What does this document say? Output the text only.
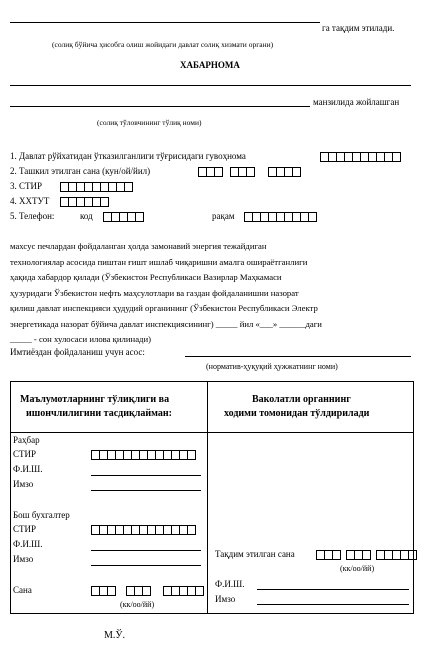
га тақдим этилади.
(солиқ бўйича ҳисобга олиш жойидаги давлат солиқ хизмати органи)
ХАБАРНОМА
манзилида жойлашган
(солиқ тўловчининг тўлиқ номи)
1. Давлат рўйхатидан ўтказилганлиги тўғрисидаги гувоҳнома
2. Ташкил этилган сана (кун/ой/йил)
3. СТИР
4. ХХТУТ
5. Телефон:	код	рақам
махсус печлардан фойдаланган ҳолда замонавий энергия тежайдиган
технологиялар асосида пиштан ғишт ишлаб чиқаришни амалга ошираётганлиги
ҳақида хабардор қилади (Ўзбекистон Республикаси Вазирлар Маҳкамаси
ҳузуридаги Ўзбекистон нефть маҳсулотлари ва газдан фойдаланишни назорат
қилиш давлат инспекцияси ҳудудий органининг (Ўзбекистон Республикаси Электр
энергетикада назорат бўйича давлат инспекциясининг) _____ йил «___» ______даги
_____ - сон хулосаси илова қилинади)
Имтиёздан фойдаланиш учун асос:
(норматив-ҳуқуқий ҳужжатнинг номи)
Маълумотларнинг тўлиқлиги ва
ишончлилигини тасдиқлайман:
Ваколатли органнинг
ходими томонидан тўлдирилади
Раҳбар
СТИР
Ф.И.Ш.
Имзо
Бош бухгалтер
СТИР
Ф.И.Ш.
Имзо
Сана
(кк/оо/йй)
Тақдим этилган сана
(кк/оо/йй)
Ф.И.Ш.
Имзо
М.Ў.
